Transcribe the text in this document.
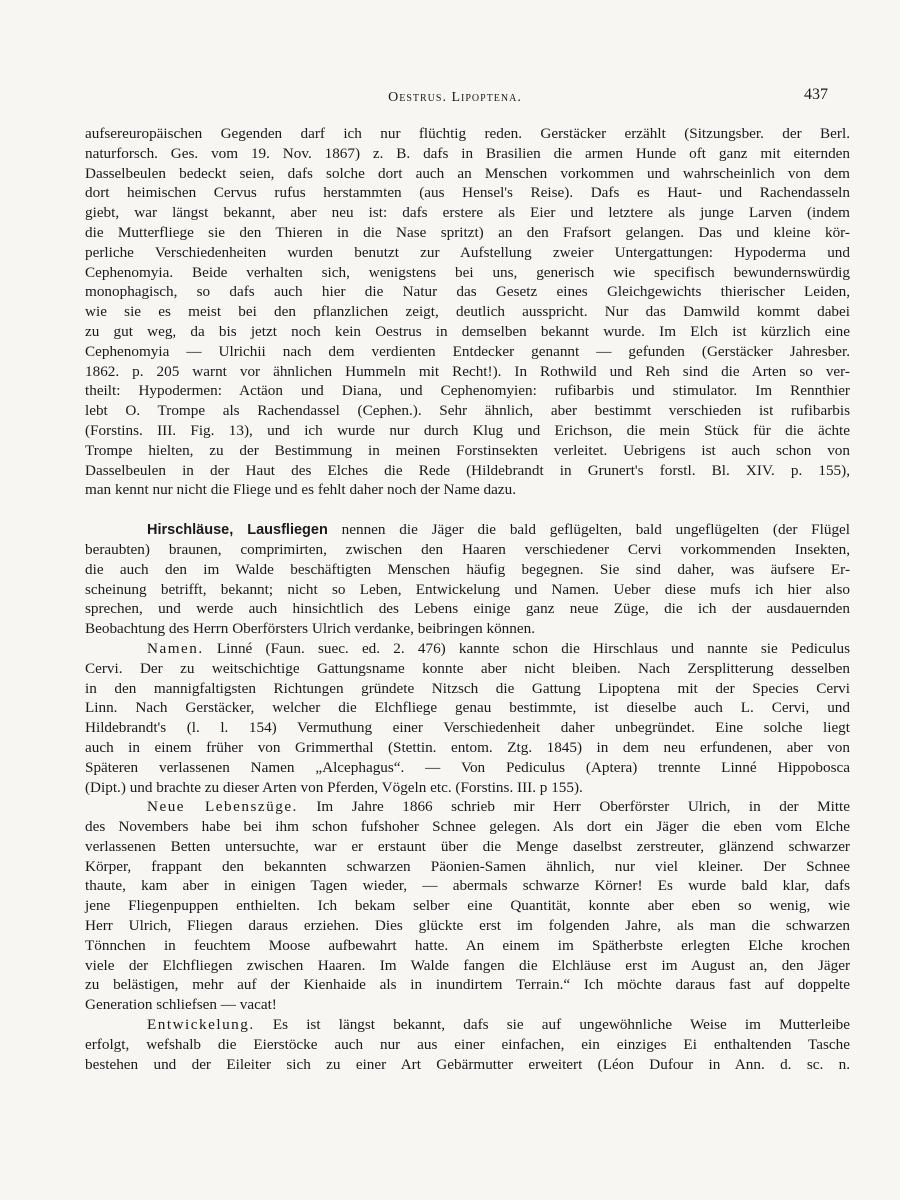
Oestrus. Lipoptena.	437
aufsereuropäischen Gegenden darf ich nur flüchtig reden. Gerstäcker erzählt (Sitzungsber. der Berl.
naturforsch. Ges. vom 19. Nov. 1867) z. B. dafs in Brasilien die armen Hunde oft ganz mit eiternden
Dasselbeulen bedeckt seien, dafs solche dort auch an Menschen vorkommen und wahrscheinlich von dem
dort heimischen Cervus rufus herstammten (aus Hensel's Reise). Dafs es Haut- und Rachendasseln
giebt, war längst bekannt, aber neu ist: dafs erstere als Eier und letztere als junge Larven (indem
die Mutterfliege sie den Thieren in die Nase spritzt) an den Frafsort gelangen. Das und kleine kör-
perliche Verschiedenheiten wurden benutzt zur Aufstellung zweier Untergattungen: Hypoderma und
Cephenomyia. Beide verhalten sich, wenigstens bei uns, generisch wie specifisch bewundernswürdig
monophagisch, so dafs auch hier die Natur das Gesetz eines Gleichgewichts thierischer Leiden,
wie sie es meist bei den pflanzlichen zeigt, deutlich ausspricht. Nur das Damwild kommt dabei
zu gut weg, da bis jetzt noch kein Oestrus in demselben bekannt wurde. Im Elch ist kürzlich eine
Cephenomyia — Ulrichii nach dem verdienten Entdecker genannt — gefunden (Gerstäcker Jahresber.
1862. p. 205 warnt vor ähnlichen Hummeln mit Recht!). In Rothwild und Reh sind die Arten so ver-
theilt: Hypodermen: Actäon und Diana, und Cephenomyien: rufibarbis und stimulator. Im Rennthier
lebt O. Trompe als Rachendassel (Cephen.). Sehr ähnlich, aber bestimmt verschieden ist rufibarbis
(Forstins. III. Fig. 13), und ich wurde nur durch Klug und Erichson, die mein Stück für die ächte
Trompe hielten, zu der Bestimmung in meinen Forstinsekten verleitet. Uebrigens ist auch schon von
Dasselbeulen in der Haut des Elches die Rede (Hildebrandt in Grunert's forstl. Bl. XIV. p. 155),
man kennt nur nicht die Fliege und es fehlt daher noch der Name dazu.
Hirschläuse, Lausfliegen nennen die Jäger die bald geflügelten, bald ungeflügelten (der Flügel
beraubten) braunen, comprimirten, zwischen den Haaren verschiedener Cervi vorkommenden Insekten,
die auch den im Walde beschäftigten Menschen häufig begegnen. Sie sind daher, was äufsere Er-
scheinung betrifft, bekannt; nicht so Leben, Entwickelung und Namen. Ueber diese mufs ich hier also
sprechen, und werde auch hinsichtlich des Lebens einige ganz neue Züge, die ich der ausdauernden
Beobachtung des Herrn Oberförsters Ulrich verdanke, beibringen können.
Namen. Linné (Faun. suec. ed. 2. 476) kannte schon die Hirschlaus und nannte sie Pediculus
Cervi. Der zu weitschichtige Gattungsname konnte aber nicht bleiben. Nach Zersplitterung desselben
in den mannigfaltigsten Richtungen gründete Nitzsch die Gattung Lipoptena mit der Species Cervi
Linn. Nach Gerstäcker, welcher die Elchfliege genau bestimmte, ist dieselbe auch L. Cervi, und
Hildebrandt's (l. l. 154) Vermuthung einer Verschiedenheit daher unbegründet. Eine solche liegt
auch in einem früher von Grimmerthal (Stettin. entom. Ztg. 1845) in dem neu erfundenen, aber von
Späteren verlassenen Namen „Alcephagus“. — Von Pediculus (Aptera) trennte Linné Hippobosca
(Dipt.) und brachte zu dieser Arten von Pferden, Vögeln etc. (Forstins. III. p 155).
Neue Lebenszüge. Im Jahre 1866 schrieb mir Herr Oberförster Ulrich, in der Mitte
des Novembers habe bei ihm schon fufshoher Schnee gelegen. Als dort ein Jäger die eben vom Elche
verlassenen Betten untersuchte, war er erstaunt über die Menge daselbst zerstreuter, glänzend schwarzer
Körper, frappant den bekannten schwarzen Päonien-Samen ähnlich, nur viel kleiner. Der Schnee
thaute, kam aber in einigen Tagen wieder, — abermals schwarze Körner! Es wurde bald klar, dafs
jene Fliegenpuppen enthielten. Ich bekam selber eine Quantität, konnte aber eben so wenig, wie
Herr Ulrich, Fliegen daraus erziehen. Dies glückte erst im folgenden Jahre, als man die schwarzen
Tönnchen in feuchtem Moose aufbewahrt hatte. An einem im Spätherbste erlegten Elche krochen
viele der Elchfliegen zwischen Haaren. Im Walde fangen die Elchläuse erst im August an, den Jäger
zu belästigen, mehr auf der Kienhaide als in inundirtem Terrain.“ Ich möchte daraus fast auf doppelte
Generation schliefsen — vacat!
Entwickelung. Es ist längst bekannt, dafs sie auf ungewöhnliche Weise im Mutterleibe
erfolgt, wefshalb die Eierstöcke auch nur aus einer einfachen, ein einziges Ei enthaltenden Tasche
bestehen und der Eileiter sich zu einer Art Gebärmutter erweitert (Léon Dufour in Ann. d. sc. n.
